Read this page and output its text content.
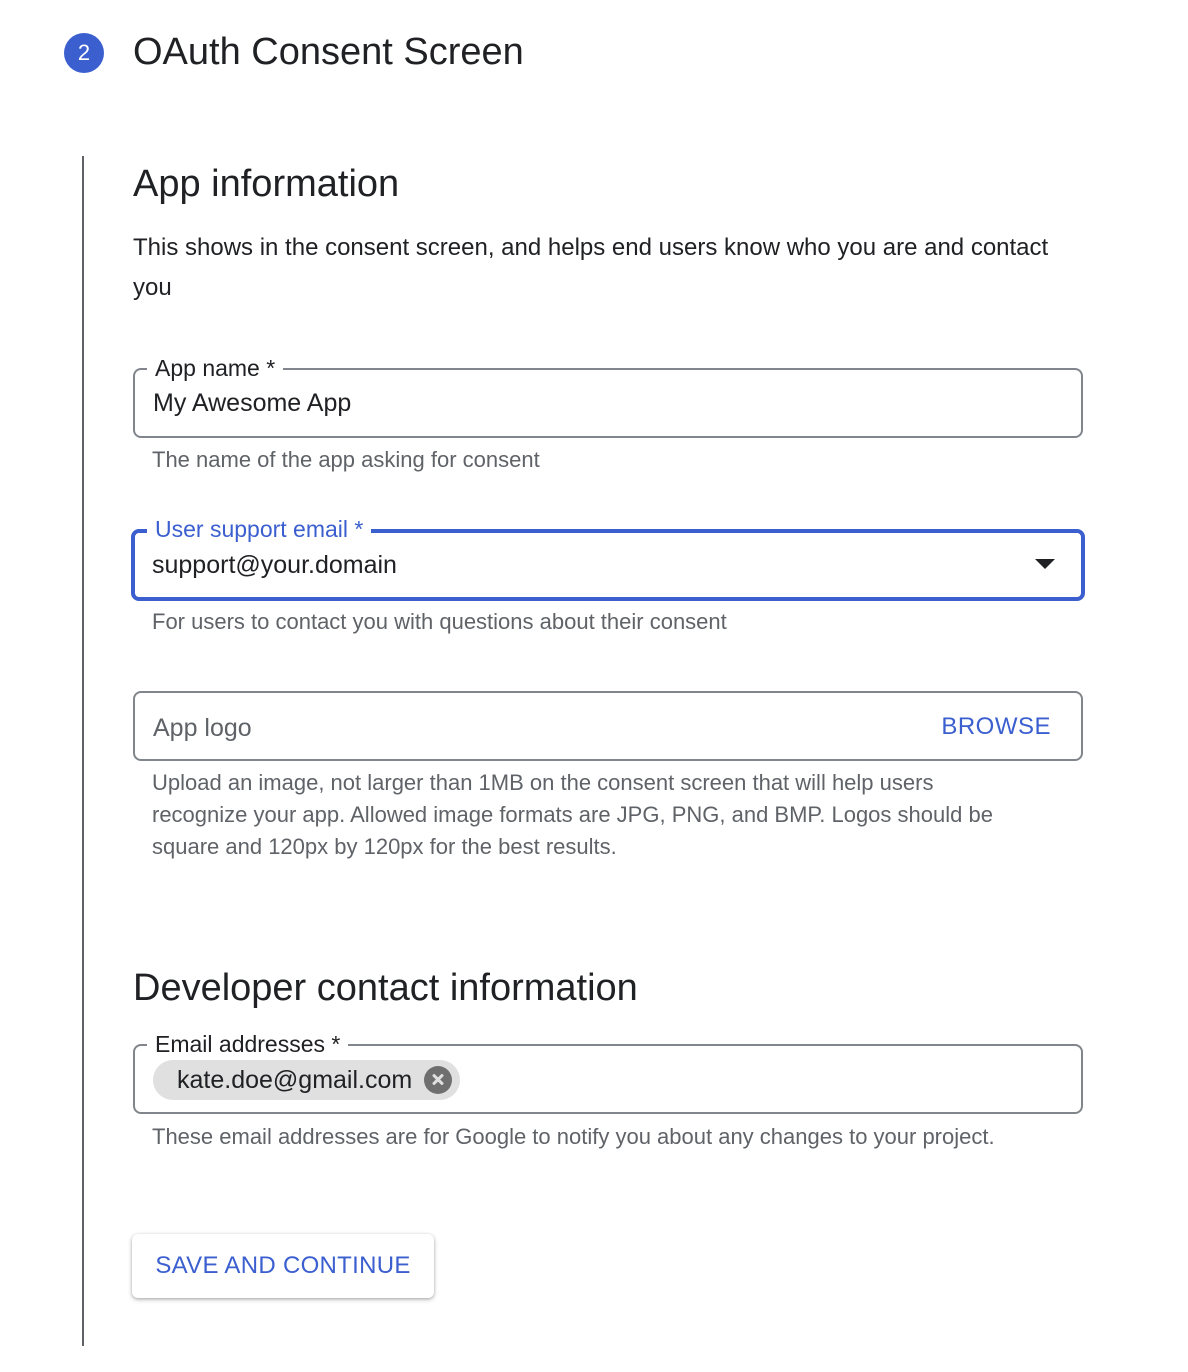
2	OAuth Consent Screen
App information
This shows in the consent screen, and helps end users know who you are and contact you
App name *
My Awesome App
The name of the app asking for consent
User support email *
support@your.domain
For users to contact you with questions about their consent
App logo	BROWSE
Upload an image, not larger than 1MB on the consent screen that will help users recognize your app. Allowed image formats are JPG, PNG, and BMP. Logos should be square and 120px by 120px for the best results.
Developer contact information
Email addresses *
kate.doe@gmail.com
These email addresses are for Google to notify you about any changes to your project.
SAVE AND CONTINUE
